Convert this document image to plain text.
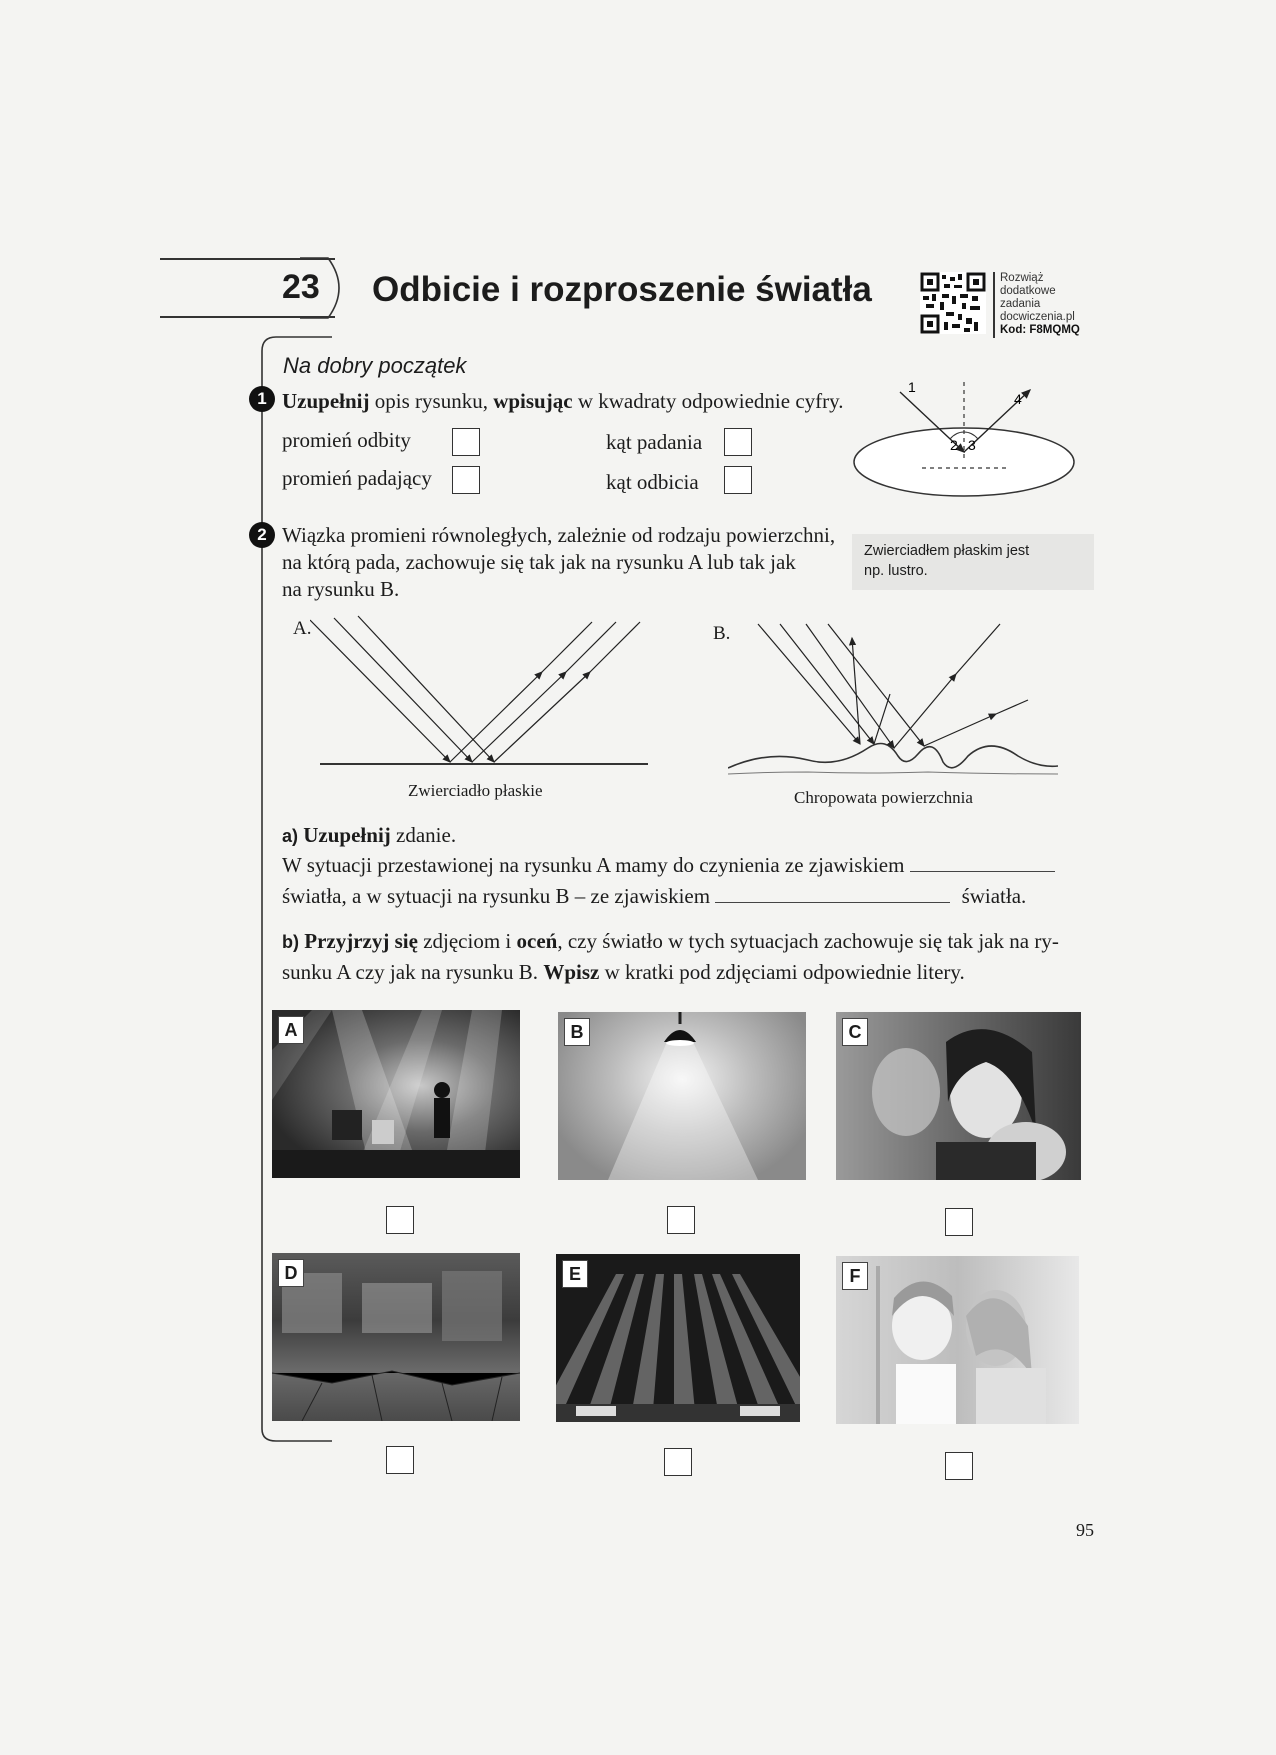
23 Odbicie i rozproszenie światła	Rozwiąż
dodatkowe
zadania
docwiczenia.pl
Kod: F8MQMQ
Na dobry początek
1 Uzupełnij opis rysunku, wpisując w kwadraty odpowiednie cyfry.
promień odbity	kąt padania
promień padający	kąt odbicia
1
2 3
4
2 Wiązka promieni równoległych, zależnie od rodzaju powierzchni,
na którą pada, zachowuje się tak jak na rysunku A lub tak jak
na rysunku B.
Zwierciadłem płaskim jest
np. lustro.
A.
Zwierciadło płaskie
B.
Chropowata powierzchnia
a) Uzupełnij zdanie.
W sytuacji przestawionej na rysunku A mamy do czynienia ze zjawiskiem
światła, a w sytuacji na rysunku B – ze zjawiskiem	światła.
b) Przyjrzyj się zdjęciom i oceń, czy światło w tych sytuacjach zachowuje się tak jak na ry-
sunku A czy jak na rysunku B. Wpisz w kratki pod zdjęciami odpowiednie litery.
A	B	C
D	E	F
95
